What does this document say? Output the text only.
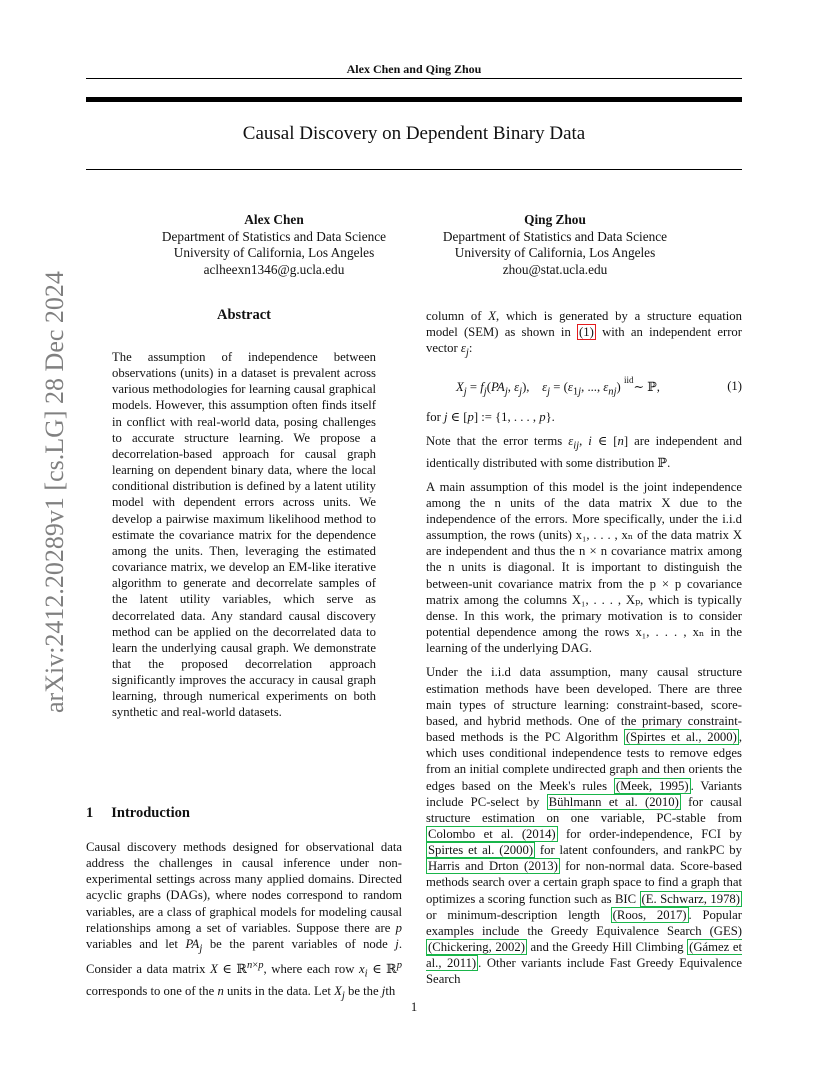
Alex Chen and Qing Zhou
Causal Discovery on Dependent Binary Data
arXiv:2412.20289v1 [cs.LG] 28 Dec 2024
Alex Chen
Department of Statistics and Data Science
University of California, Los Angeles
aclheexn1346@g.ucla.edu
Qing Zhou
Department of Statistics and Data Science
University of California, Los Angeles
zhou@stat.ucla.edu
Abstract
The assumption of independence between observations (units) in a dataset is prevalent across various methodologies for learning causal graphical models. However, this assumption often finds itself in conflict with real-world data, posing challenges to accurate structure learning. We propose a decorrelation-based approach for causal graph learning on dependent binary data, where the local conditional distribution is defined by a latent utility model with dependent errors across units. We develop a pairwise maximum likelihood method to estimate the covariance matrix for the dependence among the units. Then, leveraging the estimated covariance matrix, we develop an EM-like iterative algorithm to generate and decorrelate samples of the latent utility variables, which serve as decorrelated data. Any standard causal discovery method can be applied on the decorrelated data to learn the underlying causal graph. We demonstrate that the proposed decorrelation approach significantly improves the accuracy in causal graph learning, through numerical experiments on both synthetic and real-world datasets.
1 Introduction
Causal discovery methods designed for observational data address the challenges in causal inference under non-experimental settings across many applied domains. Directed acyclic graphs (DAGs), where nodes correspond to random variables, are a class of graphical models for modeling causal relationships among a set of variables. Suppose there are p variables and let $PA_j$ be the parent variables of node j. Consider a data matrix X ∈ ℝ$^{n\times p}$, where each row $x_i$ ∈ ℝ$^p$ corresponds to one of the n units in the data. Let $X_j$ be the jth

column of X, which is generated by a structure equation model (SEM) as shown in (1) with an independent error vector $\varepsilon_j$:

$X_j = f_j(PA_j$, $\varepsilon_j$),    $\varepsilon_j = (\varepsilon_{1j}$, ..., $\varepsilon_{nj}$) $^{iid}$∼ ℙ,	(1)

for j ∈ [p] := {1, . . . , p}.

Note that the error terms $\varepsilon_{ij}$, i ∈ [n] are independent and identically distributed with some distribution ℙ.

A main assumption of this model is the joint independence among the n units of the data matrix X due to the independence of the errors. More specifically, under the i.i.d assumption, the rows (units) x₁, . . . , xₙ of the data matrix X are independent and thus the n × n covariance matrix among the n units is diagonal. It is important to distinguish the between-unit covariance matrix from the p × p covariance matrix among the columns X₁, . . . , Xₚ, which is typically dense. In this work, the primary motivation is to consider potential dependence among the rows x₁, . . . , xₙ in the learning of the underlying DAG.

Under the i.i.d data assumption, many causal structure estimation methods have been developed. There are three main types of structure learning: constraint-based, score-based, and hybrid methods. One of the primary constraint-based methods is the PC Algorithm (Spirtes et al., 2000) , which uses conditional independence tests to remove edges from an initial complete undirected graph and then orients the edges based on the Meek's rules (Meek, 1995) . Variants include PC-select by Bühlmann et al. (2010) for causal structure estimation on one variable, PC-stable from Colombo et al. (2014) for order-independence, FCI by Spirtes et al. (2000) for latent confounders, and rankPC by Harris and Drton (2013) for non-normal data. Score-based methods search over a certain graph space to find a graph that optimizes a scoring function such as BIC (E. Schwarz, 1978) or minimum-description length (Roos, 2017) . Popular examples include the Greedy Equivalence Search (GES) (Chickering, 2002) and the Greedy Hill Climbing (Gámez et al., 2011) . Other variants include Fast Greedy Equivalence Search

1
